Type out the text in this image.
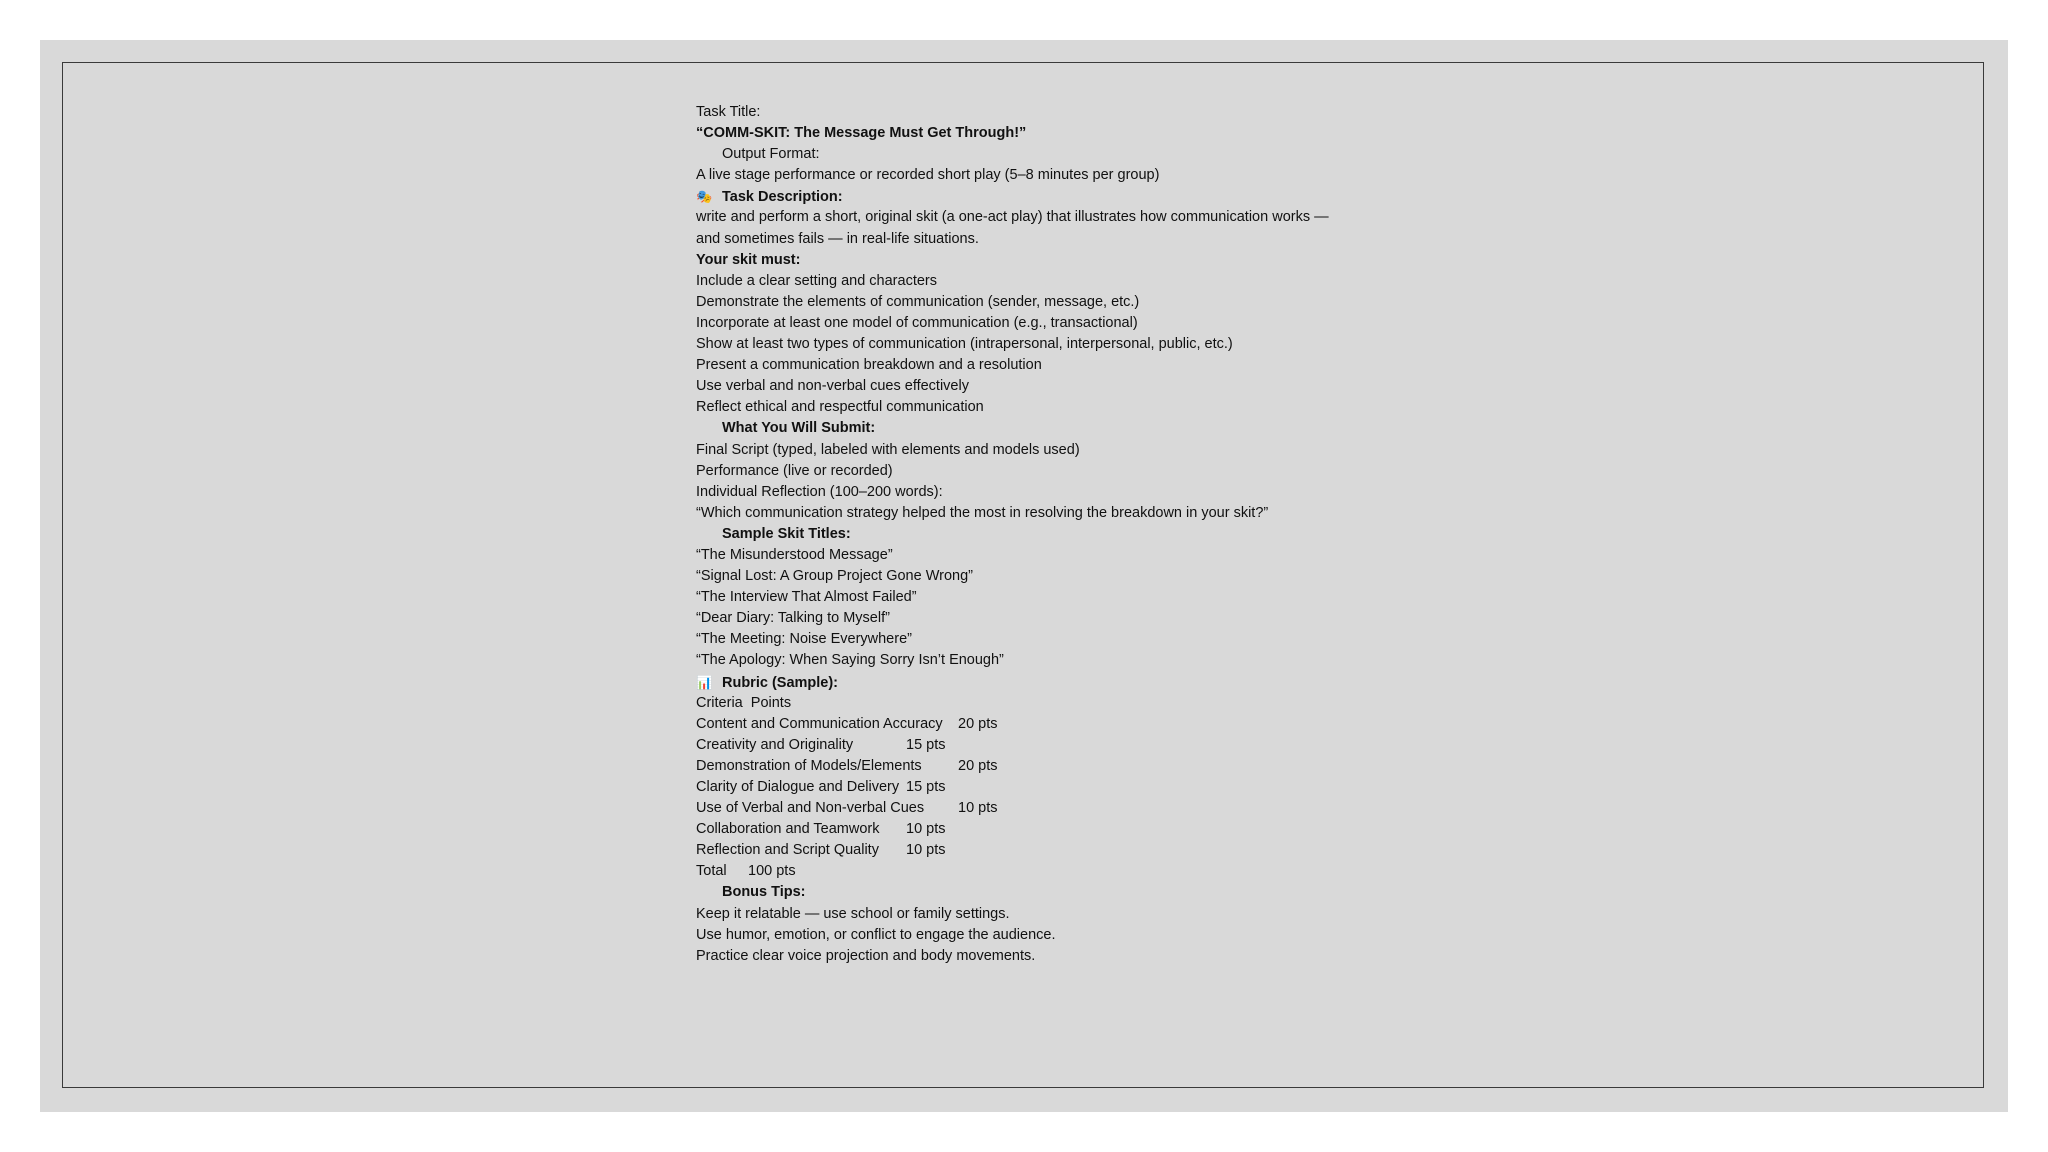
Task Title:
“COMM-SKIT: The Message Must Get Through!”
Output Format:
A live stage performance or recorded short play (5–8 minutes per group)
🎭 Task Description:
write and perform a short, original skit (a one-act play) that illustrates how communication works —
and sometimes fails — in real-life situations.
Your skit must:
Include a clear setting and characters
Demonstrate the elements of communication (sender, message, etc.)
Incorporate at least one model of communication (e.g., transactional)
Show at least two types of communication (intrapersonal, interpersonal, public, etc.)
Present a communication breakdown and a resolution
Use verbal and non-verbal cues effectively
Reflect ethical and respectful communication
What You Will Submit:
Final Script (typed, labeled with elements and models used)
Performance (live or recorded)
Individual Reflection (100–200 words):
“Which communication strategy helped the most in resolving the breakdown in your skit?”
Sample Skit Titles:
“The Misunderstood Message”
“Signal Lost: A Group Project Gone Wrong”
“The Interview That Almost Failed”
“Dear Diary: Talking to Myself”
“The Meeting: Noise Everywhere”
“The Apology: When Saying Sorry Isn’t Enough”
📊 Rubric (Sample):
Criteria  Points
Content and Communication Accuracy 20 pts
Creativity and Originality	15 pts
Demonstration of Models/Elements	20 pts
Clarity of Dialogue and Delivery 15 pts
Use of Verbal and Non-verbal Cues 10 pts
Collaboration and Teamwork 10 pts
Reflection and Script Quality 10 pts
Total 100 pts
Bonus Tips:
Keep it relatable — use school or family settings.
Use humor, emotion, or conflict to engage the audience.
Practice clear voice projection and body movements.
